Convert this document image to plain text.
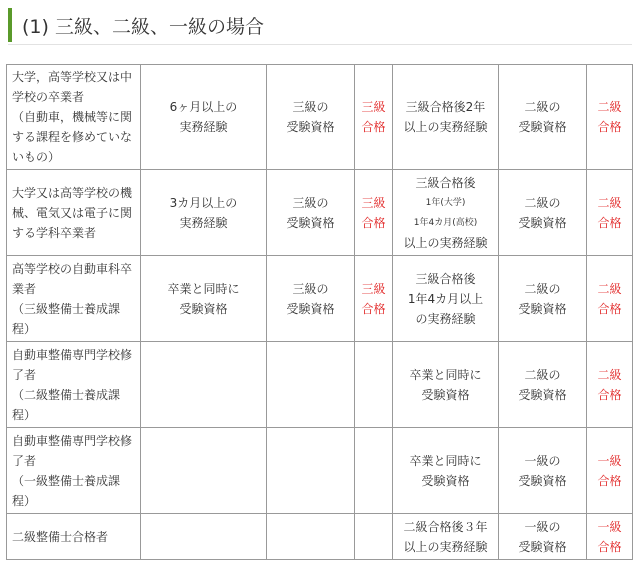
(1) 三級、二級、一級の場合
大学，高等学校又は中
学校の卒業者
（自動車，機械等に関
する課程を修めていな
いもの）	6ヶ月以上の
実務経験	三級の
受験資格	三級
合格	三級合格後2年
以上の実務経験	二級の
受験資格	二級
合格

大学又は高等学校の機
械、電気又は電子に関
する学科卒業者	3カ月以上の
実務経験	三級の
受験資格	三級
合格	三級合格後
1年(大学)
1年4カ月(高校)
以上の実務経験	二級の
受験資格	二級
合格

高等学校の自動車科卒
業者
（三級整備士養成課
程）	卒業と同時に
受験資格	三級の
受験資格	三級
合格	三級合格後
1年4カ月以上
の実務経験	二級の
受験資格	二級
合格

自動車整備専門学校修
了者
（二級整備士養成課
程）				卒業と同時に
受験資格	二級の
受験資格	二級
合格

自動車整備専門学校修
了者
（一級整備士養成課
程）				卒業と同時に
受験資格	一級の
受験資格	一級
合格

二級整備士合格者				二級合格後３年
以上の実務経験	一級の
受験資格	一級
合格
